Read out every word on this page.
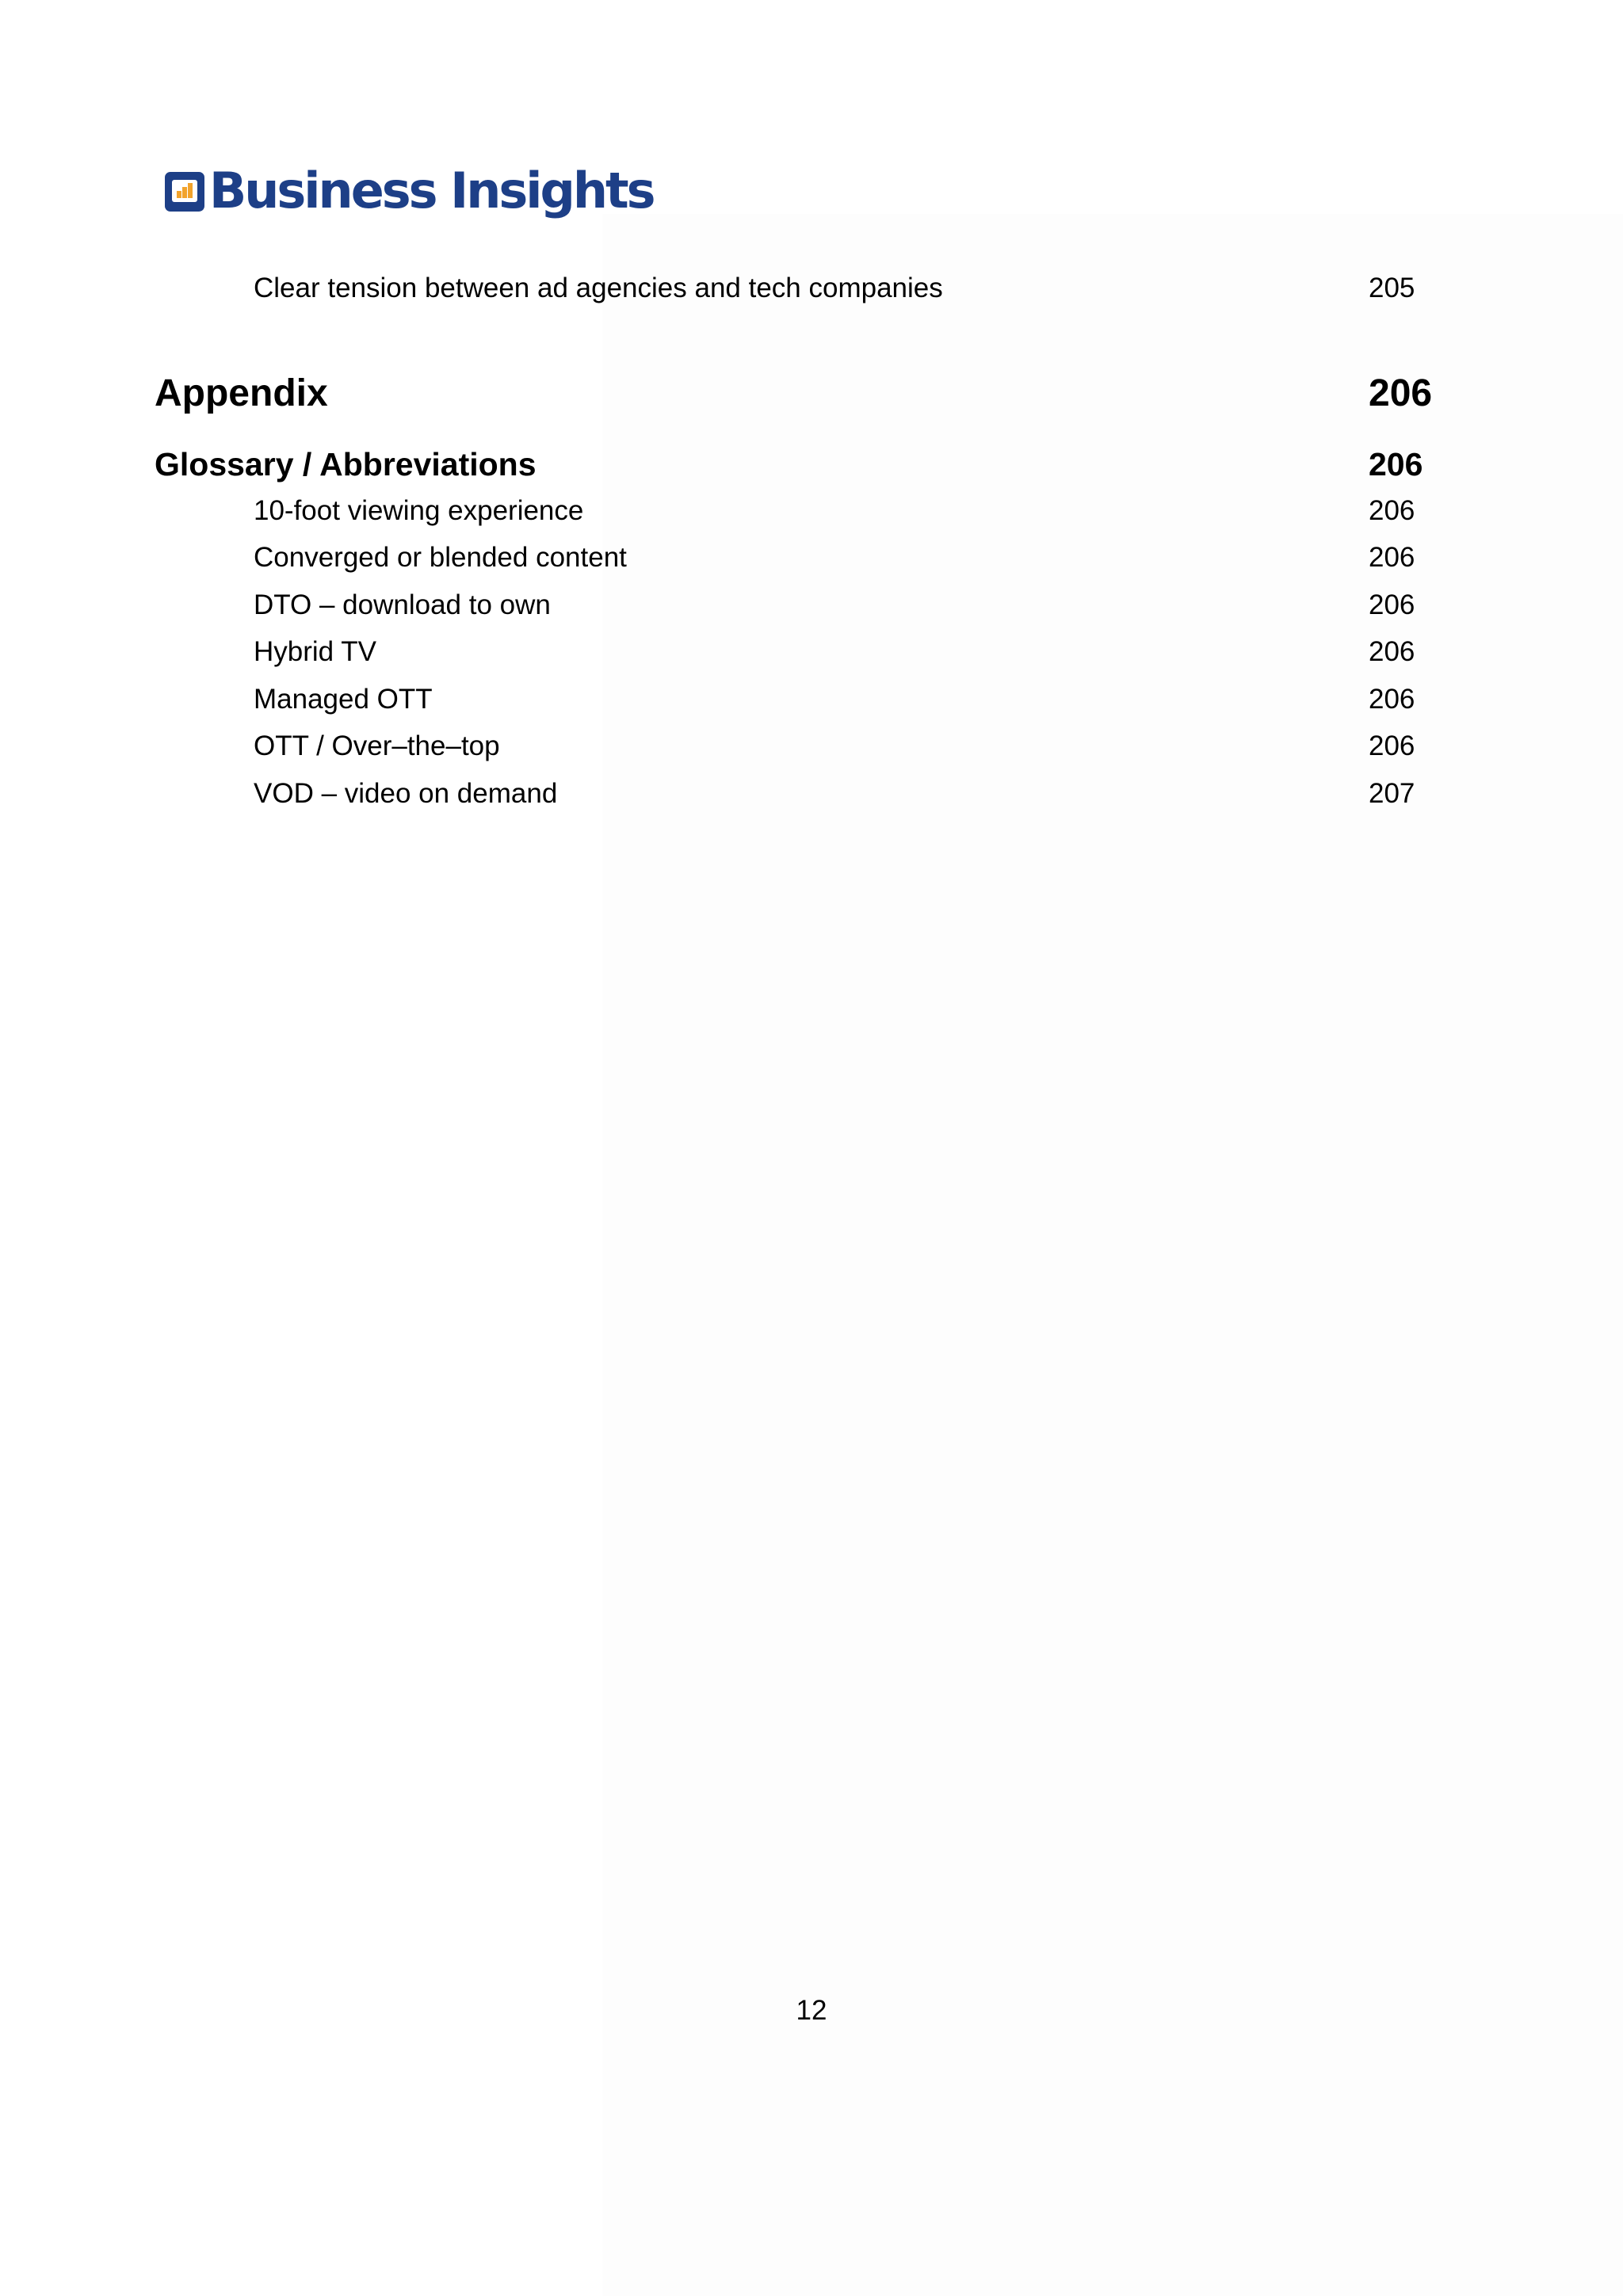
Business Insights
Clear tension between ad agencies and tech companies	205
Appendix	206
Glossary / Abbreviations	206
10-foot viewing experience	206
Converged or blended content	206
DTO – download to own	206
Hybrid TV	206
Managed OTT	206
OTT / Over–the–top	206
VOD – video on demand	207
12
